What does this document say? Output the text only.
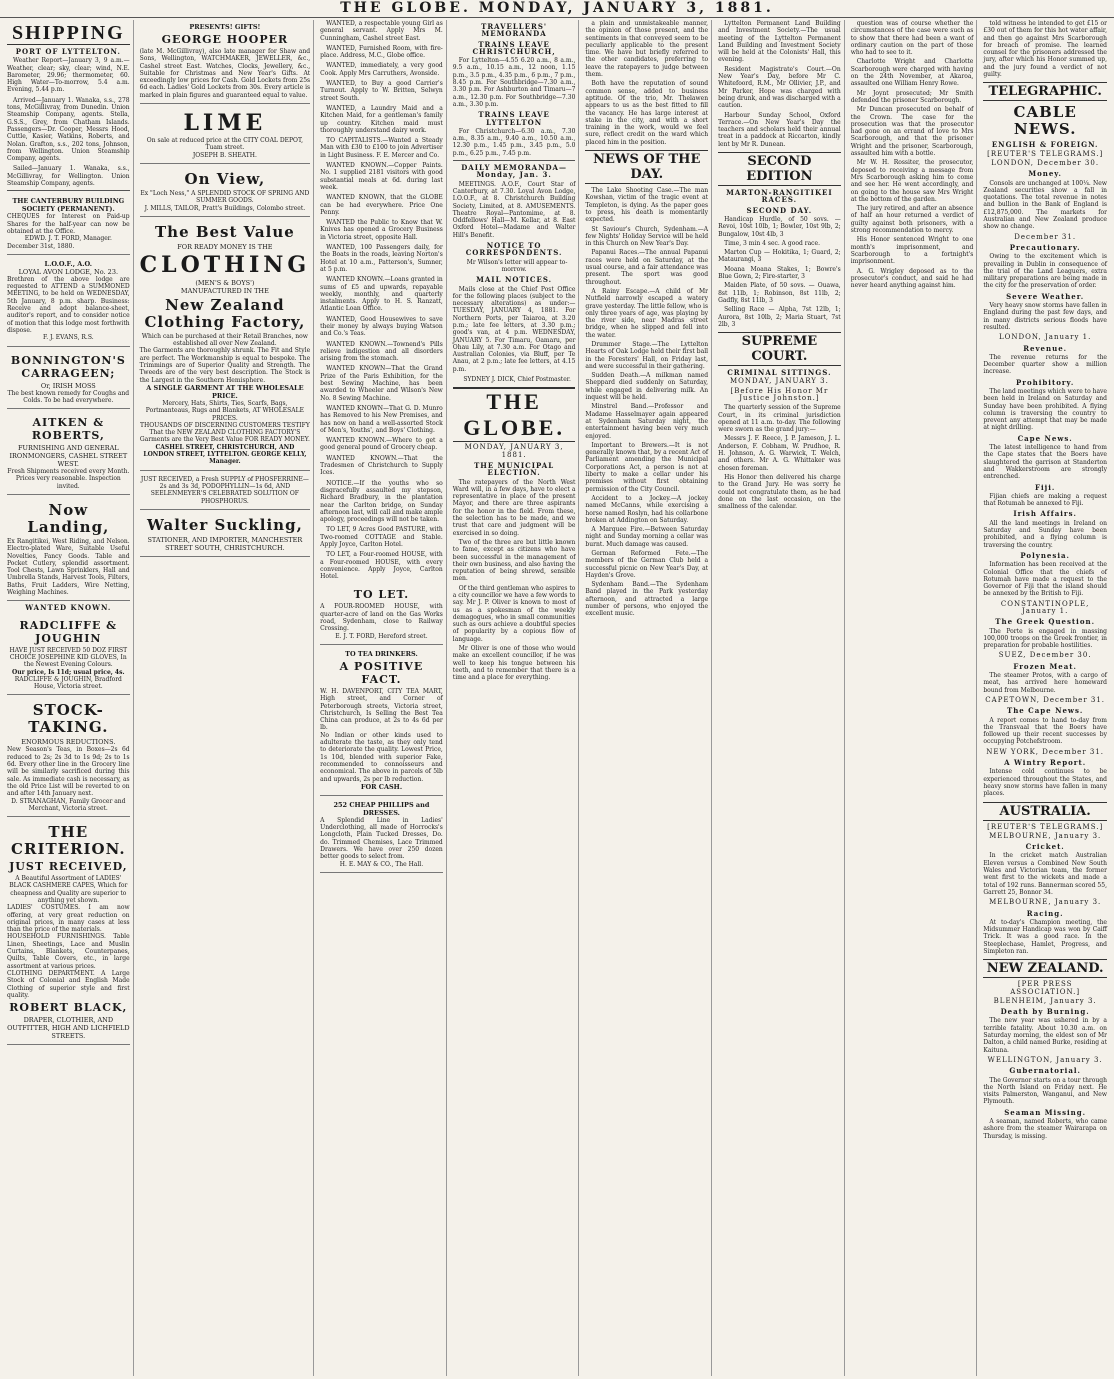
THE GLOBE. MONDAY, JANUARY 3, 1881.
SHIPPING
PORT OF LYTTELTON.

Weather Report—January 3, 9 a.m.—Weather, clear; sky, clear; wind, N.E. Barometer, 29.96; thermometer, 60. High Water—To-morrow, 5.4 a.m. Evening, 5.44 p.m.

Arrived—January 1. Wanaka, s.s., 278 tons, McGillivray, from Dunedin. Union Steamship Company, agents. Stella, G.S.S., Grey, from Chatham Islands. Passengers—Dr. Cooper, Messrs Hood, Cuttle, Kasier, Watkins, Roberts, and Nolan. Grafton, s.s., 202 tons, Johnson, from Wellington. Union Steamship Company, agents.

Sailed—January 1. Wanaka, s.s., McGillivray, for Wellington. Union Steamship Company, agents.

THE CANTERBURY BUILDING SOCIETY (PERMANENT).

CHEQUES for Interest on Paid-up Shares for the half-year can now be obtained at the Office.

EDWD. J. T. FORD, Manager.

December 31st, 1880.

L.O.O.F., A.O.
LOYAL AVON LODGE, No. 23.

Brethren of the above lodge are requested to ATTEND a SUMMONED MEETING, to be held on WEDNESDAY, 5th January, 8 p.m. sharp. Business: Receive and adopt balance-sheet, auditor's report, and to consider notice of motion that this lodge most forthwith dispose.

F. J. EVANS, R.S.

BONNINGTON'S CARRAGEEN;
Or, IRISH MOSS

The best known remedy for Coughs and Colds. To be had everywhere.

AITKEN & ROBERTS,
FURNISHING AND GENERAL IRONMONGERS, CASHEL STREET WEST.

Fresh Shipments received every Month. Prices very reasonable. Inspection invited.

Now Landing,

Ex Rangitikei, West Riding, and Nelson. Electro-plated Ware, Suitable Useful Novelties, Fancy Goods. Table and Pocket Cutlery, splendid assortment. Tool Chests, Lawn Sprinklers, Hall and Umbrella Stands, Harvest Tools, Filters, Baths, Fruit Ladders, Wire Netting, Weighing Machines.

WANTED KNOWN.
RADCLIFFE & JOUGHIN

HAVE JUST RECEIVED 50 DOZ FIRST CHOICE JOSEPHINE KID GLOVES, In the Newest Evening Colours.

Our price, Is 11d; usual price, 4s.

RADCLIFFE & JOUGHIN, Bradford House, Victoria street.

STOCK-TAKING.
ENORMOUS REDUCTIONS.

New Season's Teas, in Boxes—2s 6d reduced to 2s; 2s 3d to 1s 9d; 2s to 1s 6d. Every other line in the Grocery line will be similarly sacrificed during this sale. As immediate cash is necessary, as the old Price List will be reverted to on and after 14th January next.

D. STRANAGHAN, Family Grocer and Merchant, Victoria street.

THE CRITERION.
JUST RECEIVED,

A Beautiful Assortment of LADIES' BLACK CASHMERE CAPES, Which for cheapness and Quality are superior to anything yet shown.

LADIES' COSTUMES. I am now offering, at very great reduction on original prices, in many cases at less than the price of the materials.

HOUSEHOLD FURNISHINGS. Table Linen, Sheetings, Lace and Muslin Curtains, Blankets, Counterpanes, Quilts, Table Covers, etc., in large assortment at various prices.

CLOTHING DEPARTMENT. A Large Stock of Colonial and English Made Clothing of superior style and first quality.

ROBERT BLACK,
DRAPER, CLOTHIER, AND OUTFITTER, HIGH AND LICHFIELD STREETS.
PRESENTS! GIFTS!
GEORGE HOOPER

(late M. McGillivray), also late manager for Shaw and Sons, Wellington, WATCHMAKER, JEWELLER, &c., Cashel street East. Watches, Clocks, Jewellery, &c., Suitable for Christmas and New Year's Gifts. At exceedingly low prices for Cash. Gold Lockets from 25s 6d each. Ladies' Gold Lockets from 30s. Every article is marked in plain figures and guaranteed equal to value.

LIME

On sale at reduced price at the CITY COAL DEPOT, Tuam street.

JOSEPH B. SHEATH.

On View,

Ex "Loch Ness," A SPLENDID STOCK OF SPRING AND SUMMER GOODS.

J. MILLS, TAILOR, Pratt's Buildings, Colombo street.

The Best Value
FOR READY MONEY IS THE
CLOTHING
(MEN'S & BOYS')
MANUFACTURED IN THE
New Zealand Clothing Factory,

Which can be purchased at their Retail Branches, now established all over New Zealand.

The Garments are thoroughly shrunk. The Fit and Style are perfect. The Workmanship is equal to bespoke. The Trimmings are of Superior Quality and Strength. The Tweeds are of the very best description. The Stock is the Largest in the Southern Hemisphere.

A SINGLE GARMENT AT THE WHOLESALE PRICE.

Mercery, Hats, Shirts, Ties, Scarfs, Bags, Portmanteaus, Rugs and Blankets, AT WHOLESALE PRICES.

THOUSANDS OF DISCERNING CUSTOMERS TESTIFY That the NEW ZEALAND CLOTHING FACTORY'S Garments are the Very Best Value FOR READY MONEY.

CASHEL STREET, CHRISTCHURCH, AND LONDON STREET, LYTTELTON. GEORGE KELLY, Manager.

JUST RECEIVED, a Fresh SUPPLY of PHOSFERRINE—2s and 3s 3d, PODOPHYLLIN—1s 6d, AND SEELENMEYER'S CELEBRATED SOLUTION OF PHOSPHORUS.

Walter Suckling,
STATIONER, AND IMPORTER, MANCHESTER STREET SOUTH, CHRISTCHURCH.

WANTED, a respectable young Girl as general servant. Apply Mrs M. Cunningham, Cashel street East.

WANTED, Furnished Room, with fire-place. Address, M.C., Globe office.

WANTED, immediately, a very good Cook. Apply Mrs Carruthers, Avonside.

WANTED, to Buy a good Carrier's Turnout. Apply to W. Britten, Selwyn street South.

WANTED, a Laundry Maid and a Kitchen Maid, for a gentleman's family up country. Kitchen maid must thoroughly understand dairy work.

TO CAPITALISTS.—Wanted a Steady Man with £30 to £100 to join Advertiser in Light Business. F. E. Mercer and Co.

WANTED KNOWN.—Copper Paints. No. 1 supplied 2181 visitors with good substantial meals at 6d. during last week.

WANTED KNOWN, that the GLOBE can be had everywhere. Price One Penny.

WANTED the Public to Know that W. Knives has opened a Grocery Business in Victoria street, opposite Hall.

WANTED, 100 Passengers daily, for the Boats in the roads, leaving Norton's Hotel at 10 a.m., Patterson's, Sumner, at 5 p.m.

WANTED KNOWN.—Loans granted in sums of £5 and upwards, repayable weekly, monthly, and quarterly instalments. Apply to H. S. Ranzatt, Atlantic Loan Office.

WANTED, Good Housewives to save their money by always buying Watson and Co.'s Teas.

WANTED KNOWN.—Townend's Pills relieve indigestion and all disorders arising from the stomach.

WANTED KNOWN—That the Grand Prize of the Paris Exhibition, for the best Sewing Machine, has been awarded to Wheeler and Wilson's New No. 8 Sewing Machine.

WANTED KNOWN—That G. D. Munro has Removed to his New Premises, and has now on hand a well-assorted Stock of Men's, Youths', and Boys' Clothing.

WANTED KNOWN.—Where to get a good general pound of Grocery cheap.

WANTED KNOWN.—That the Tradesmen of Christchurch to Supply Ices.

NOTICE.—If the youths who so disgracefully assaulted my stepson, Richard Bradbury, in the plantation near the Carlton bridge, on Sunday afternoon last, will call and make ample apology, proceedings will not be taken.

TO LET, 9 Acres Good PASTURE, with Two-roomed COTTAGE and Stable. Apply Joyce, Carlton Hotel.

TO LET, a Four-roomed HOUSE, with a Four-roomed HOUSE, with every convenience. Apply Joyce, Carlton Hotel.

TO LET.

A FOUR-ROOMED HOUSE, with quarter-acre of land on the Gas Works road, Sydenham, close to Railway Crossing.

E. J. T. FORD, Hereford street.

TO TEA DRINKERS.
A POSITIVE FACT.

W. H. DAVENPORT, CITY TEA MART, High street, and Corner of Peterborough streets, Victoria street, Christchurch, Is Selling the Best Tea China can produce, at 2s to 4s 6d per lb.

No Indian or other kinds used to adulterate the taste, as they only tend to deteriorate the quality. Lowest Price, 1s 10d, blended with superior Fake, recommended to connoisseurs and economical. The above in parcels of 5lb and upwards, 2s per lb reduction.

FOR CASH.
252 CHEAP PHILLIPS and DRESSES.

A Splendid Line in Ladies' Underclothing, all made of Horrocks's Longcloth, Plain Tucked Dresses, Do. do. Trimmed Chemises, Lace Trimmed Drawers. We have over 250 dozen better goods to select from.

H. E. MAY & CO., The Hall.

TRAVELLERS' MEMORANDA
TRAINS LEAVE CHRISTCHURCH,

For Lyttelton—4.55 6.20 a.m., 8 a.m., 9.5 a.m., 10.15 a.m., 12 noon, 1.15 p.m., 3.5 p.m., 4.35 p.m., 6 p.m., 7 p.m., 8.45 p.m. For Southbridge—7.30 a.m., 3.30 p.m. For Ashburton and Timaru—7 a.m., 12.30 p.m. For Southbridge—7.30 a.m., 3.30 p.m.

TRAINS LEAVE LYTTELTON

For Christchurch—6.30 a.m., 7.30 a.m., 8.35 a.m., 9.40 a.m., 10.50 a.m., 12.30 p.m., 1.45 p.m., 3.45 p.m., 5.0 p.m., 6.25 p.m., 7.45 p.m.

DAILY MEMORANDA—Monday, Jan. 3.

MEETINGS. A.O.F., Court Star of Canterbury, at 7.30. Loyal Avon Lodge, I.O.O.F., at 8. Christchurch Building Society, Limited, at 8. AMUSEMENTS. Theatre Royal—Pantomime, at 8. Oddfellows' Hall—M. Kellar, at 8. East Oxford Hotel—Madame and Walter Hill's Benefit.

NOTICE TO CORRESPONDENTS.

Mr Wilson's letter will appear to-morrow.

MAIL NOTICES.

Mails close at the Chief Post Office for the following places (subject to the necessary alterations) as under:— TUESDAY, JANUARY 4, 1881. For Northern Ports, per Taiaroa, at 3.20 p.m.; late fee letters, at 3.30 p.m.; good's van, at 4 p.m. WEDNESDAY, JANUARY 5. For Timaru, Oamaru, per Ohau Lily, at 7.30 a.m. For Otago and Australian Colonies, via Bluff, per Te Anau, at 2 p.m.; late fee letters, at 4.15 p.m.

SYDNEY J. DICK, Chief Postmaster.

THE GLOBE.
MONDAY, JANUARY 3, 1881.
THE MUNICIPAL ELECTION.

The ratepayers of the North West Ward will, in a few days, have to elect a representative in place of the present Mayor, and there are three aspirants for the honor in the field. From these, the selection has to be made, and we trust that care and judgment will be exercised in so doing.

Two of the three are but little known to fame, except as citizens who have been successful in the management of their own business, and also having the reputation of being shrewd, sensible men.

Of the third gentleman who aspires to a city councillor we have a few words to say. Mr J. P. Oliver is known to most of us as a spokesman of the weekly demagogues, who in small communities such as ours achieve a doubtful species of popularity by a copious flow of language.

Mr Oliver is one of those who would make an excellent councillor, if he was well to keep his tongue between his teeth, and to remember that there is a time and a place for everything.

a plain and unmistakeable manner, the opinion of those present, and the sentiments in that conveyed seem to be peculiarly applicable to the present time. We have but briefly referred to the other candidates, preferring to leave the ratepayers to judge between them.

Both have the reputation of sound common sense, added to business aptitude. Of the trio, Mr. Thelawen appears to us as the best fitted to fill the vacancy. He has large interest at stake in the city, and with a short training in the work, would we feel sure, reflect credit on the ward which placed him in the position.

NEWS OF THE DAY.

The Lake Shooting Case.—The man Kowshan, victim of the tragic event at Templeton, is dying. As the paper goes to press, his death is momentarily expected.

St Saviour's Church, Sydenham.—A few Nights' Holiday Service will be held in this Church on New Year's Day.

Papanui Races.—The annual Papanui races were held on Saturday, at the usual course, and a fair attendance was present. The sport was good throughout.

A Rainy Escape.—A child of Mr Nutfield narrowly escaped a watery grave yesterday. The little fellow, who is only three years of age, was playing by the river side, near Madras street bridge, when he slipped and fell into the water.

Drummer Stage.—The Lyttelton Hearts of Oak Lodge held their first ball in the Foresters' Hall, on Friday last, and were successful in their gathering.

Sudden Death.—A milkman named Sheppard died suddenly on Saturday, while engaged in delivering milk. An inquest will be held.

Minstrel Band.—Professor and Madame Hasselmayer again appeared at Sydenham Saturday night, the entertainment having been very much enjoyed.

Important to Brewers.—It is not generally known that, by a recent Act of Parliament amending the Municipal Corporations Act, a person is not at liberty to make a cellar under his premises without first obtaining permission of the City Council.

Accident to a Jockey.—A jockey named McCanns, while exercising a horse named Roslyn, had his collarbone broken at Addington on Saturday.

A Marquee Fire.—Between Saturday night and Sunday morning a cellar was burnt. Much damage was caused.

German Reformed Fete.—The members of the German Club held a successful picnic on New Year's Day, at Hayden's Grove.

Sydenham Band.—The Sydenham Band played in the Park yesterday afternoon, and attracted a large number of persons, who enjoyed the excellent music.

Lyttelton Permanent Land Building and Investment Society.—The usual meeting of the Lyttelton Permanent Land Building and Investment Society will be held at the Colonists' Hall, this evening.

Resident Magistrate's Court.—On New Year's Day, before Mr C. Whitefoord, R.M., Mr Ollivier, J.P., and Mr Parker, Hope was charged with being drunk, and was discharged with a caution.

Harbour Sunday School, Oxford Terrace.—On New Year's Day the teachers and scholars held their annual treat in a paddock at Riccarton, kindly lent by Mr R. Dunean.

SECOND EDITION
MARTON-RANGITIKEI RACES.
SECOND DAY.

Handicap Hurdle, of 50 sovs. — Revoi, 10st 10lb, 1; Bowler, 10st 9lb, 2; Bungalow, 10st 4lb, 3

Time, 3 min 4 sec. A good race.

Marton Cup — Hokitika, 1; Guard, 2; Mataurangi, 3

Moana Moana Stakes, 1; Bowre's Blue Gown, 2; Fire-starter, 3

Maiden Plate, of 50 sovs. — Ouawa, 8st 11lb, 1; Robinson, 8st 11lb, 2; Gadfly, 8st 11lb, 3

Selling Race — Alpha, 7st 12lb, 1; Aurora, 8st 10lb, 2; Maria Stuart, 7st 2lb, 3

SUPREME COURT.
CRIMINAL SITTINGS.
MONDAY, JANUARY 3.
[Before His Honor Mr Justice Johnston.]

The quarterly session of the Supreme Court, in its criminal jurisdiction opened at 11 a.m. to-day. The following were sworn as the grand jury:—

Messrs J. F. Reece, J. P. Jameson, J. L. Anderson, F. Cobham, W. Prudhoe, R. H. Johnson, A. G. Warwick, T. Welch, and others. Mr A. G. Whittaker was chosen foreman.

His Honor then delivered his charge to the Grand Jury. He was sorry he could not congratulate them, as he had done on the last occasion, on the smallness of the calendar.

question was of course whether the circumstances of the case were such as to show that there had been a want of ordinary caution on the part of those who had to see to it.

Charlotte Wright and Charlotte Scarborough were charged with having on the 24th November, at Akaroa, assaulted one William Henry Rowe.

Mr Joynt prosecuted; Mr Smith defended the prisoner Scarborough.

Mr Duncan prosecuted on behalf of the Crown. The case for the prosecution was that the prosecutor had gone on an errand of love to Mrs Scarborough, and that the prisoner Wright and the prisoner, Scarborough, assaulted him with a bottle.

Mr W. H. Rossiter, the prosecutor, deposed to receiving a message from Mrs Scarborough asking him to come and see her. He went accordingly, and on going to the house saw Mrs Wright at the bottom of the garden.

The jury retired, and after an absence of half an hour returned a verdict of guilty against both prisoners, with a strong recommendation to mercy.

His Honor sentenced Wright to one month's imprisonment, and Scarborough to a fortnight's imprisonment.

A. G. Wrigley deposed as to the prosecutor's conduct, and said he had never heard anything against him.

told witness he intended to get £15 or £30 out of them for this hot water affair, and then go against Mrs Scarborough for breach of promise. The learned counsel for the prisoners addressed the jury, after which his Honor summed up, and the jury found a verdict of not guilty.

TELEGRAPHIC.
CABLE NEWS.
ENGLISH & FOREIGN.
[REUTER'S TELEGRAMS.]
LONDON, December 30.
Money.

Consols are unchanged at 100¼. New Zealand securities show a fall in quotations. The total revenue in notes and bullion in the Bank of England is £12,875,000. The markets for Australian and New Zealand produce show no change.

December 31.
Precautionary.

Owing to the excitement which is prevailing in Dublin in consequence of the trial of the Land Leaguers, extra military preparations are being made in the city for the preservation of order.

Severe Weather.

Very heavy snow storms have fallen in England during the past few days, and in many districts serious floods have resulted.

LONDON, January 1.
Revenue.

The revenue returns for the December quarter show a million increase.

Prohibitory.

The land meetings which were to have been held in Ireland on Saturday and Sunday have been prohibited. A flying column is traversing the country to prevent any attempt that may be made at night drilling.

Cape News.

The latest intelligence to hand from the Cape states that the Boers have slaughtered the garrison at Standerton and Wakkerstroom are strongly entrenched.

Fiji.

Fijian chiefs are making a request that Rotumah be annexed to Fiji.

Irish Affairs.

All the land meetings in Ireland on Saturday and Sunday have been prohibited, and a flying column is traversing the country.

Polynesia.

Information has been received at the Colonial Office that the chiefs of Rotumah have made a request to the Governor of Fiji that the island should be annexed by the British to Fiji.

CONSTANTINOPLE, January 1.
The Greek Question.

The Porte is engaged in massing 100,000 troops on the Greek frontier, in preparation for probable hostilities.

SUEZ, December 30.
Frozen Meat.

The steamer Protos, with a cargo of meat, has arrived here homeward bound from Melbourne.

CAPETOWN, December 31.
The Cape News.

A report comes to hand to-day from the Transvaal that the Boers have followed up their recent successes by occupying Potchefstroom.

NEW YORK, December 31.
A Wintry Report.

Intense cold continues to be experienced throughout the States, and heavy snow storms have fallen in many places.

AUSTRALIA.
[REUTER'S TELEGRAMS.]
MELBOURNE, January 3.
Cricket.

In the cricket match Australian Eleven versus a Combined New South Wales and Victorian team, the former went first to the wickets and made a total of 192 runs. Bannerman scored 55, Garrett 25, Bonnor 34.

MELBOURNE, January 3.
Racing.

At to-day's Champion meeting, the Midsummer Handicap was won by Caiff Trick. It was a good race. In the Steeplechase, Hamlet, Progress, and Simpleton ran.

NEW ZEALAND.
[PER PRESS ASSOCIATION.]
BLENHEIM, January 3.
Death by Burning.

The new year was ushered in by a terrible fatality. About 10.30 a.m. on Saturday morning, the eldest son of Mr Dalton, a child named Burke, residing at Kaituna.

WELLINGTON, January 3.
Gubernatorial.

The Governor starts on a tour through the North Island on Friday next. He visits Palmerston, Wanganui, and New Plymouth.

Seaman Missing.

A seaman, named Roberts, who came ashore from the steamer Wairarapa on Thursday, is missing.
